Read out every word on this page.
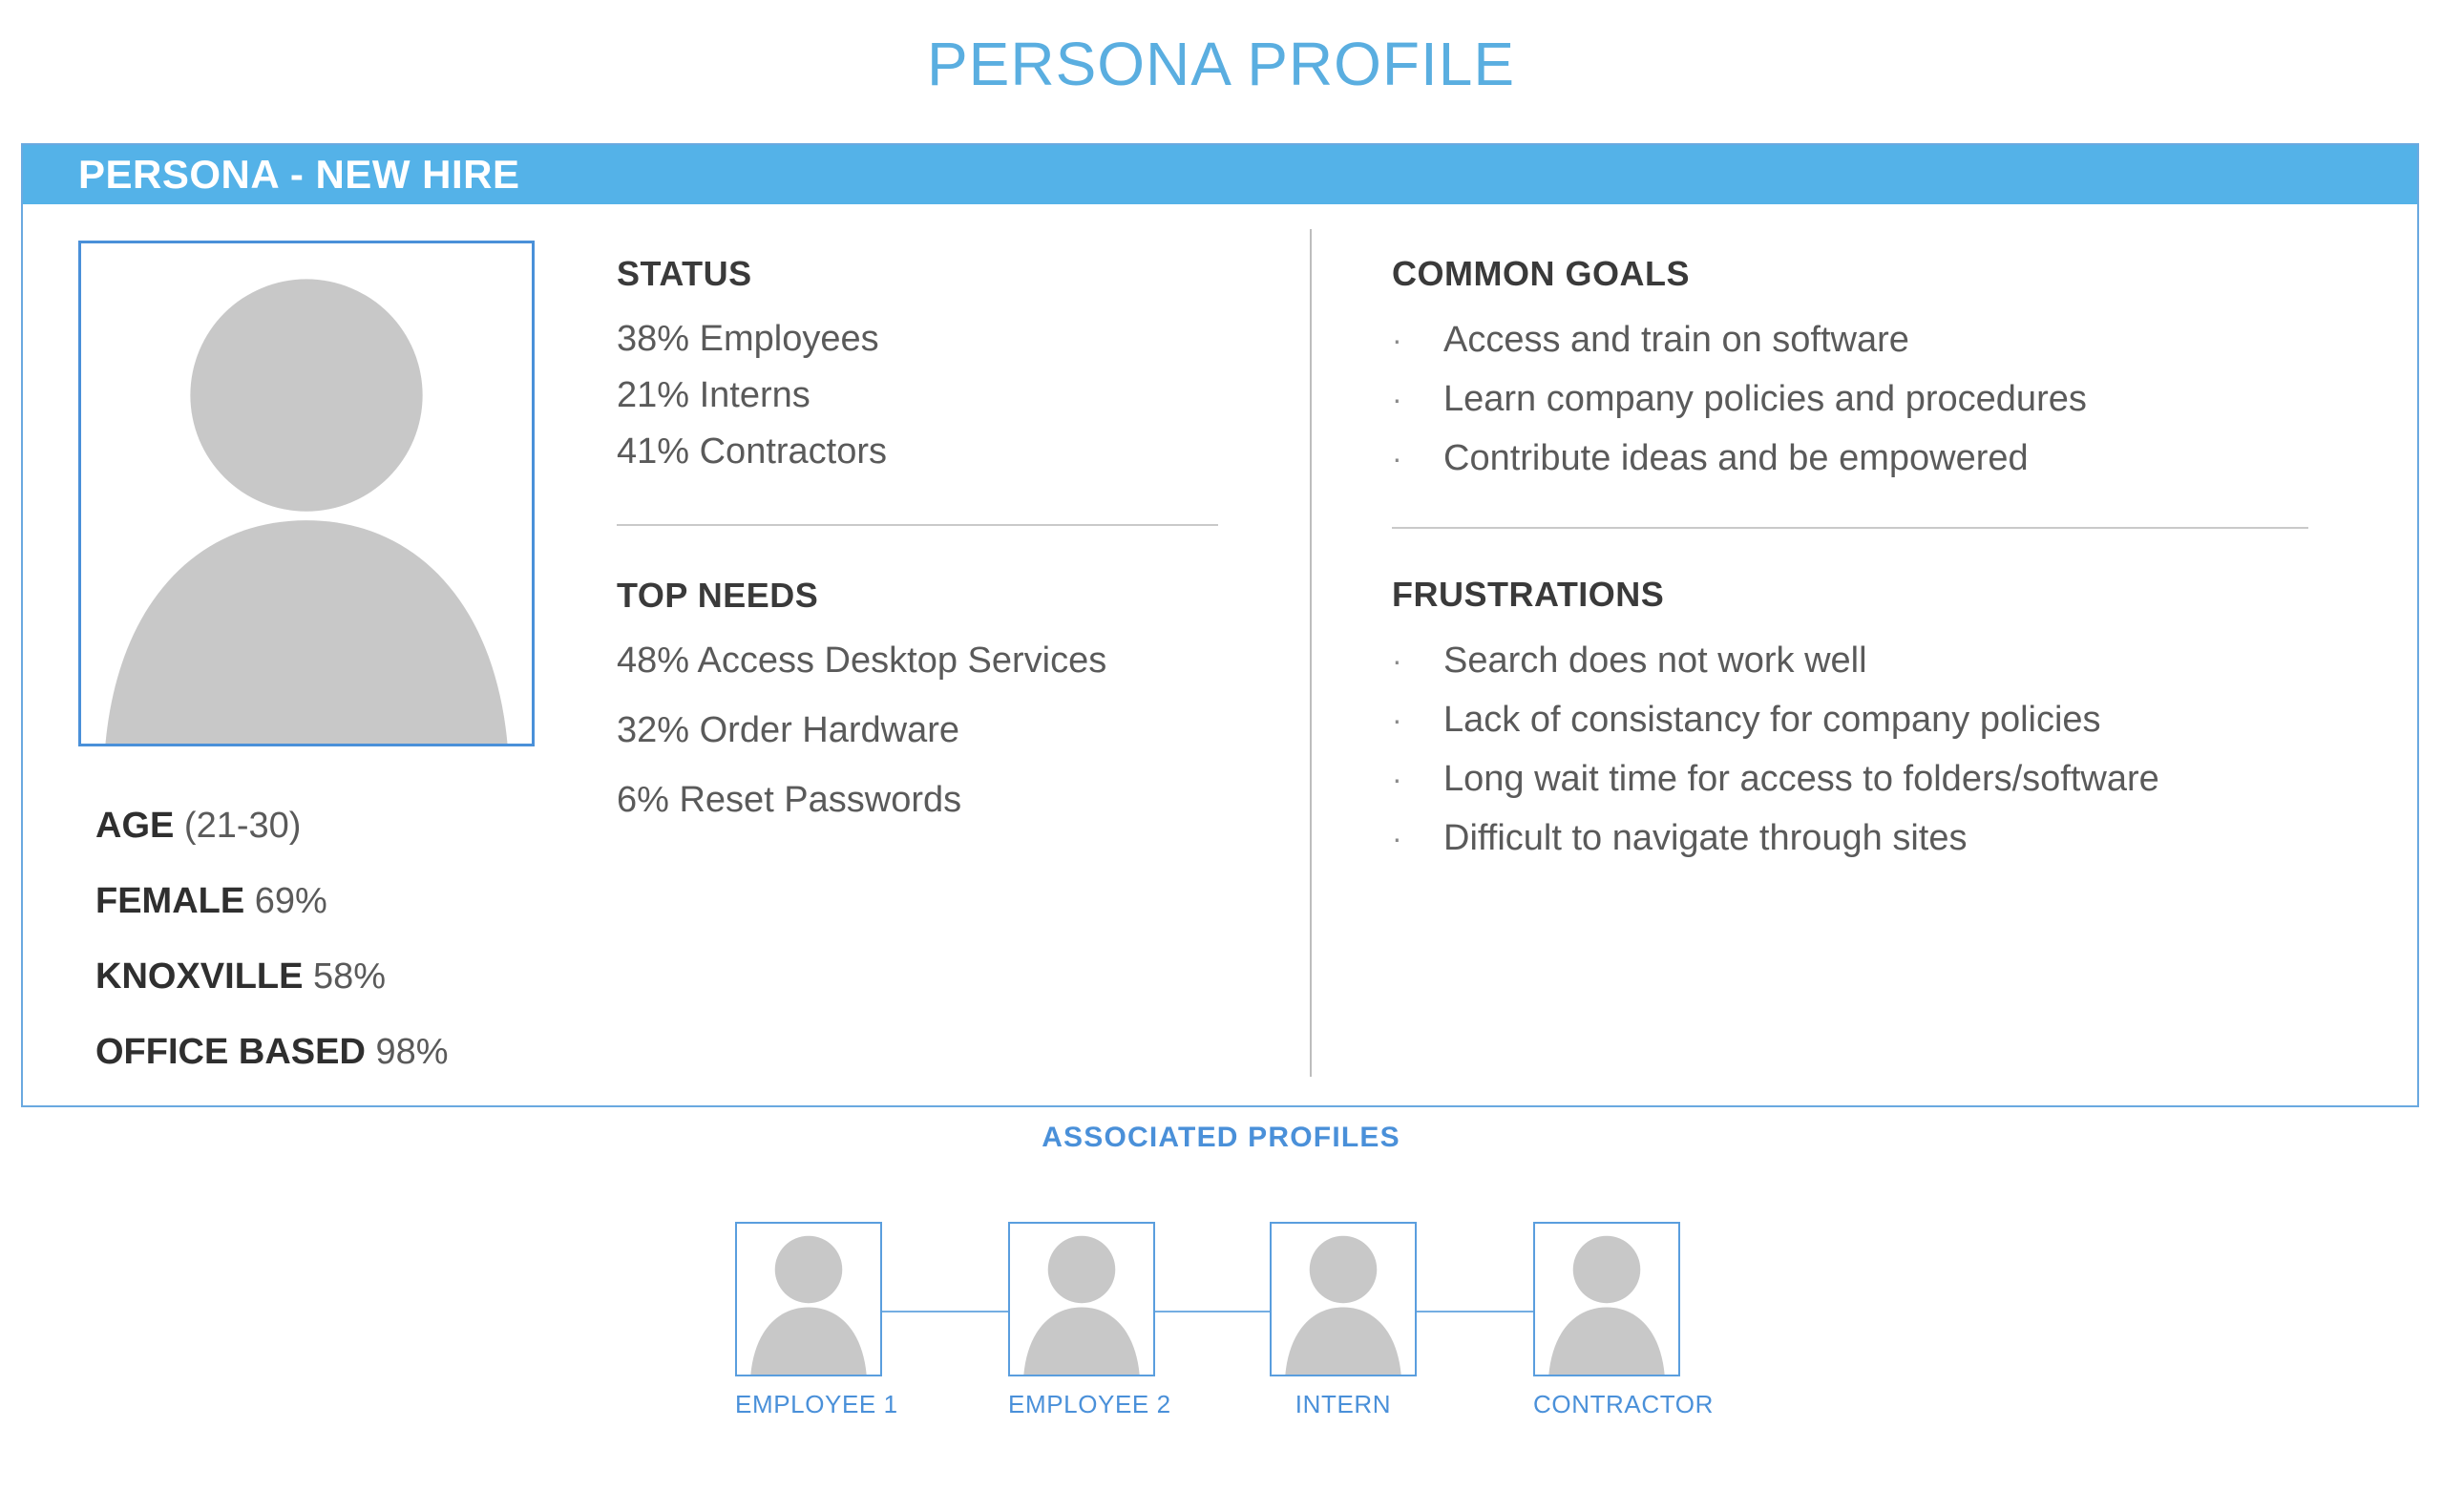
PERSONA PROFILE
PERSONA - NEW HIRE
AGE (21-30)
FEMALE 69%
KNOXVILLE 58%
OFFICE BASED 98%
STATUS
38% Employees
21% Interns
41% Contractors
TOP NEEDS
48% Access Desktop Services
32% Order Hardware
6% Reset Passwords
COMMON GOALS
·	Access and train on software
·	Learn company policies and procedures
·	Contribute ideas and be empowered
FRUSTRATIONS
·	Search does not work well
·	Lack of consistancy for company policies
·	Long wait time for access to folders/software
·	Difficult to navigate through sites
ASSOCIATED PROFILES
EMPLOYEE 1	EMPLOYEE 2	INTERN	CONTRACTOR
